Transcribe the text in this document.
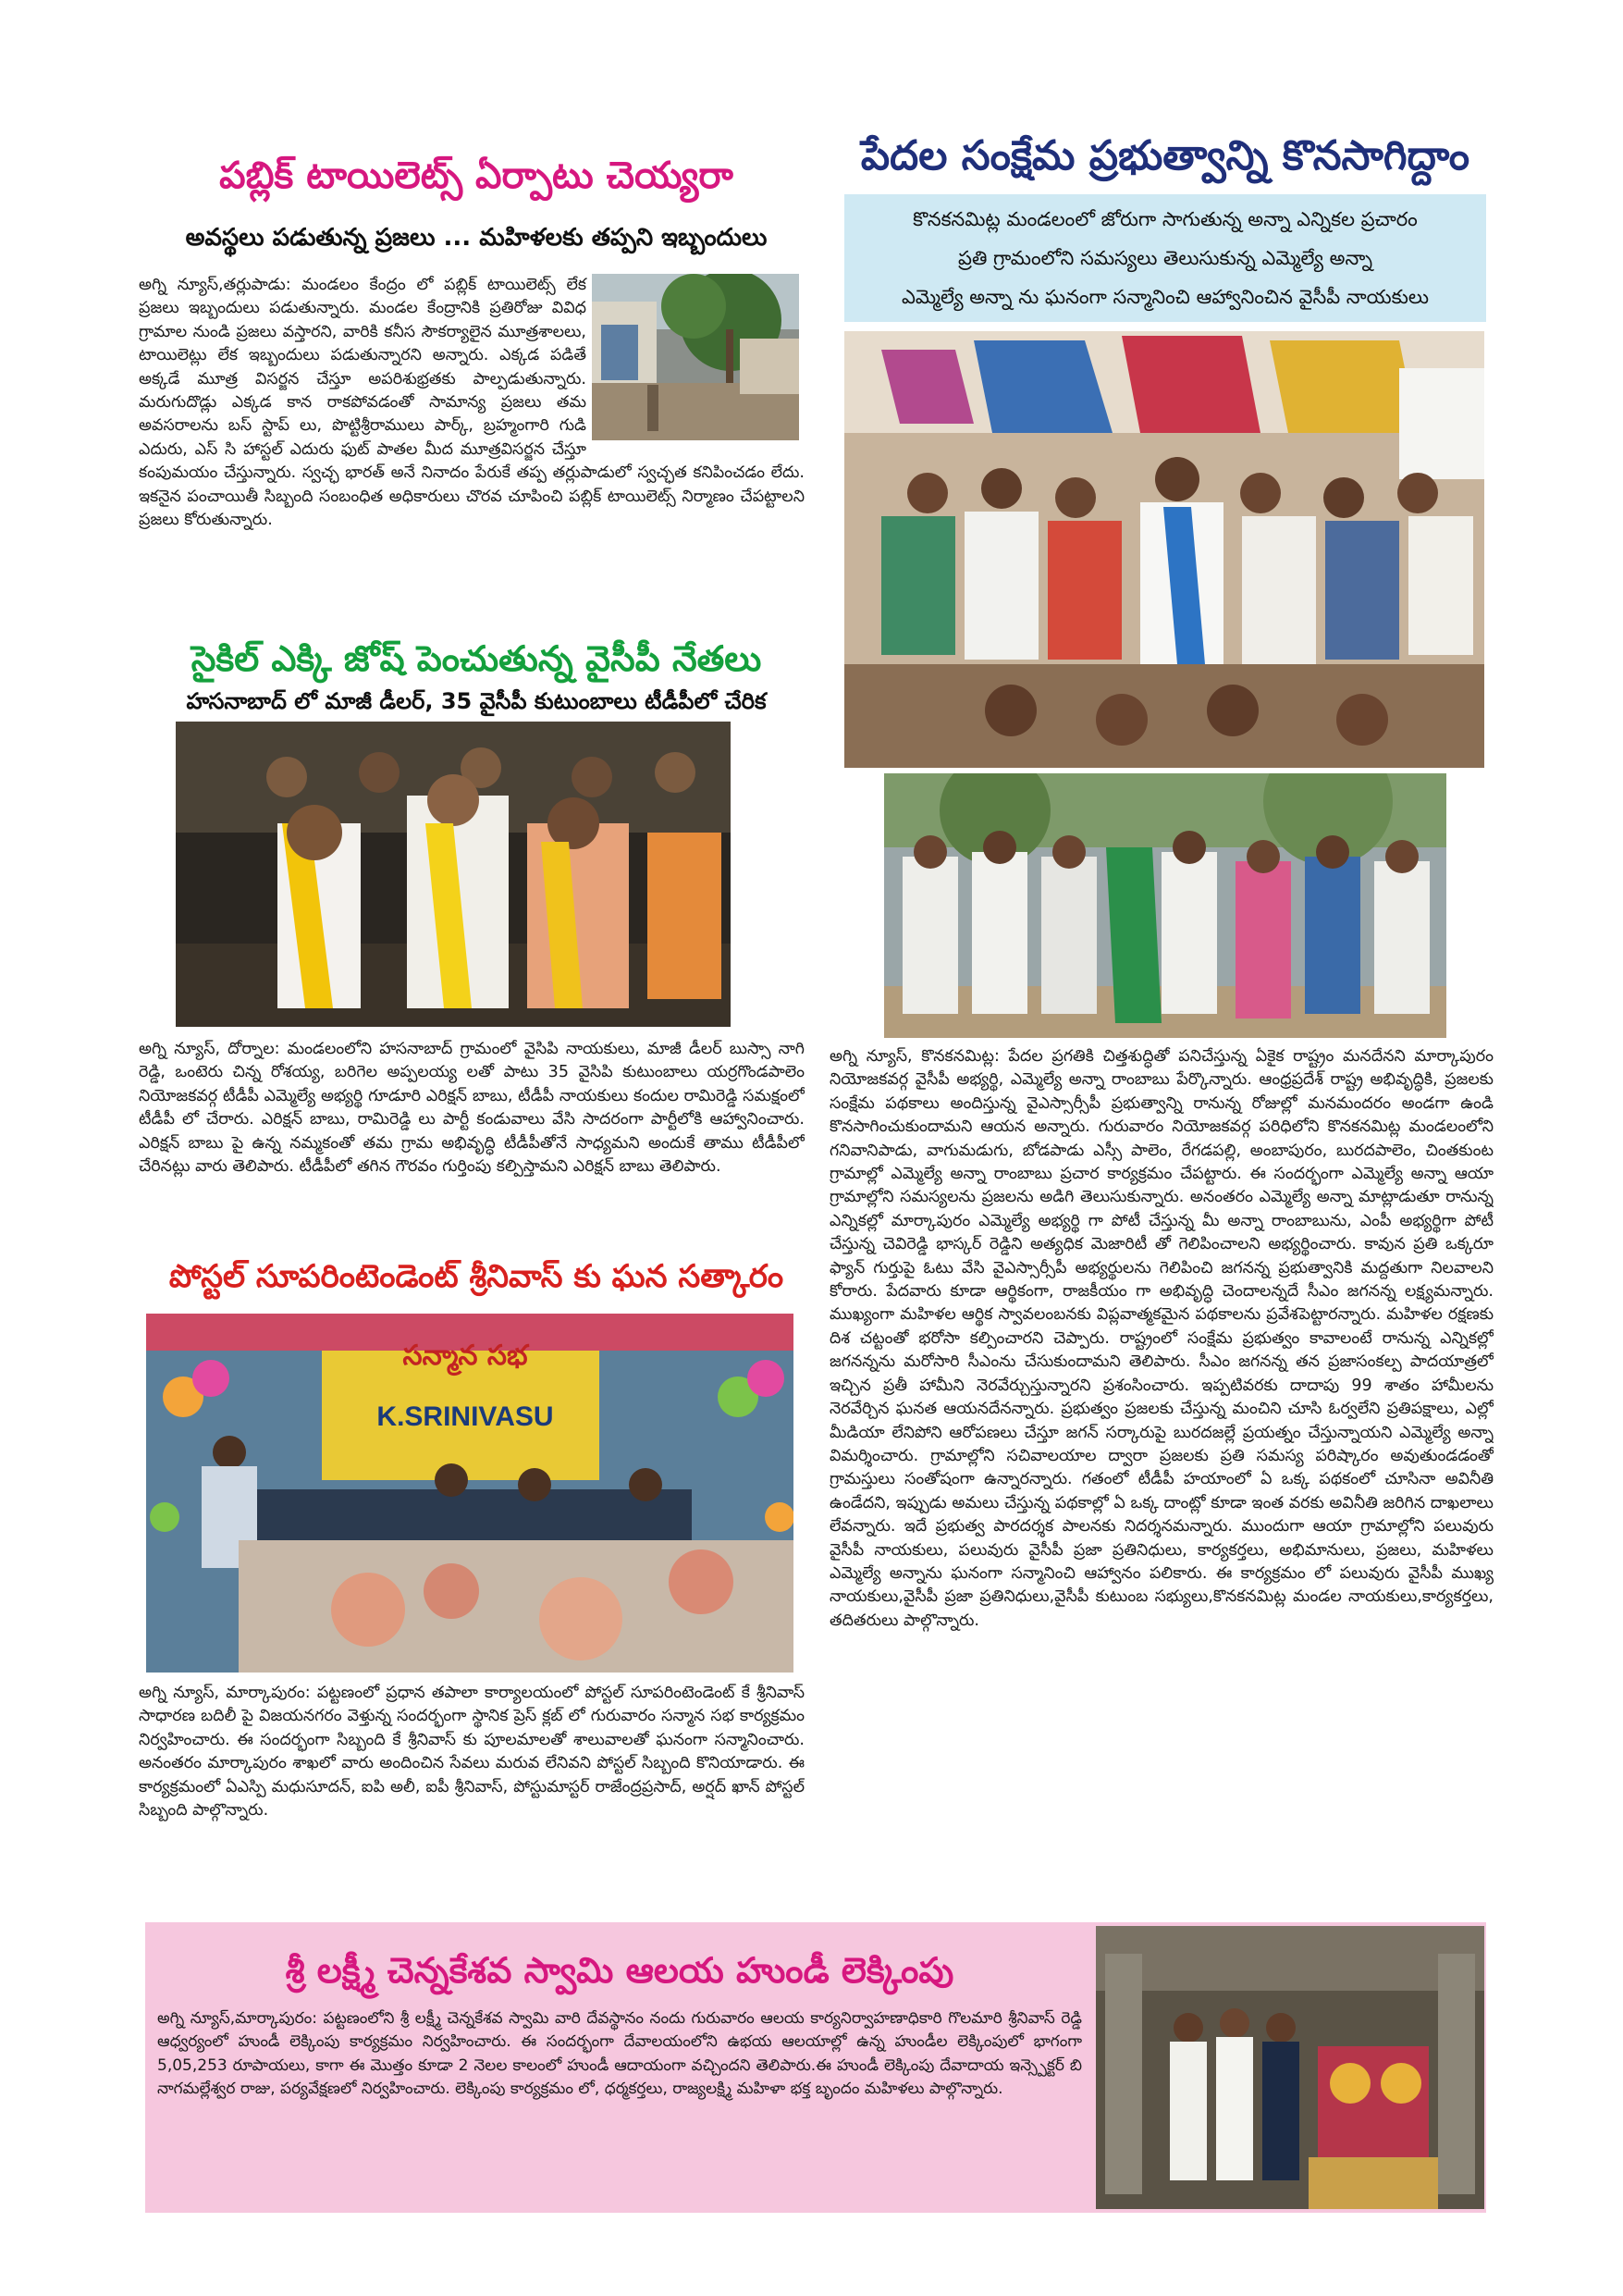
పబ్లిక్ టాయిలెట్స్ ఏర్పాటు చెయ్యరా
అవస్థలు పడుతున్న ప్రజలు ... మహిళలకు తప్పని ఇబ్బందులు
అగ్ని న్యూస్,తర్లుపాడు: మండలం కేంద్రం లో పబ్లిక్ టాయిలెట్స్ లేక ప్రజలు ఇబ్బందులు పడుతున్నారు. మండల కేంద్రానికి ప్రతిరోజు వివిధ గ్రామాల నుండి ప్రజలు వస్తారని, వారికి కనీస సౌకర్యాలైన మూత్రశాలలు, టాయిలెట్లు లేక ఇబ్బందులు పడుతున్నారని అన్నారు. ఎక్కడ పడితే అక్కడే మూత్ర విసర్జన చేస్తూ అపరిశుభ్రతకు పాల్పడుతున్నారు. మరుగుదొడ్లు ఎక్కడ కాన రాకపోవడంతో సామాన్య ప్రజలు తమ అవసరాలను బస్ స్టాప్ లు, పొట్టిశ్రీరాములు పార్క్, బ్రహ్మంగారి గుడి ఎదురు, ఎస్ సి హాస్టల్ ఎదురు ఫుట్ పాతల మీద మూత్రవిసర్జన చేస్తూ కంపుమయం చేస్తున్నారు. స్వచ్ఛ భారత్ అనే నినాదం పేరుకే తప్ప తర్లుపాడులో స్వచ్ఛత కనిపించడం లేదు. ఇకనైన పంచాయితీ సిబ్బంది సంబంధిత అధికారులు చొరవ చూపించి పబ్లిక్ టాయిలెట్స్ నిర్మాణం చేపట్టాలని ప్రజలు కోరుతున్నారు.
సైకిల్ ఎక్కి జోష్ పెంచుతున్న వైసీపీ నేతలు
హసనాబాద్ లో మాజీ డీలర్, 35 వైసీపీ కుటుంబాలు టీడీపీలో చేరిక
అగ్ని న్యూస్, దోర్నాల: మండలంలోని హసనాబాద్ గ్రామంలో వైసిపి నాయకులు, మాజీ డీలర్ బుస్సా నాగి రెడ్డి, ఒంటెరు చిన్న రోశయ్య, బరిగెల అప్పలయ్య లతో పాటు 35 వైసిపి కుటుంబాలు యర్రగొండపాలెం నియోజకవర్గ టీడీపీ ఎమ్మెల్యే అభ్యర్థి గూడూరి ఎరిక్షన్ బాబు, టీడీపీ నాయకులు కందుల రామిరెడ్డి సమక్షంలో టీడీపీ లో చేరారు. ఎరిక్షన్ బాబు, రామిరెడ్డి లు పార్టీ కండువాలు వేసి సాదరంగా పార్టీలోకి ఆహ్వానించారు. ఎరిక్షన్ బాబు పై ఉన్న నమ్మకంతో తమ గ్రామ అభివృద్ధి టీడీపీతోనే సాధ్యమని అందుకే తాము టీడీపీలో చేరినట్లు వారు తెలిపారు. టీడీపీలో తగిన గౌరవం గుర్తింపు కల్పిస్తామని ఎరిక్షన్ బాబు తెలిపారు.
పోస్టల్ సూపరింటెండెంట్ శ్రీనివాస్ కు ఘన సత్కారం
సన్మాన సభ
K.SRINIVASU
అగ్ని న్యూస్, మార్కాపురం: పట్టణంలో ప్రధాన తపాలా కార్యాలయంలో పోస్టల్ సూపరింటెండెంట్ కే శ్రీనివాస్ సాధారణ బదిలీ పై విజయనగరం వెళ్తున్న సందర్భంగా స్థానిక ప్రెస్ క్లబ్ లో గురువారం సన్మాన సభ కార్యక్రమం నిర్వహించారు. ఈ సందర్భంగా సిబ్బంది కే శ్రీనివాస్ కు పూలమాలతో శాలువాలతో ఘనంగా సన్మానించారు. అనంతరం మార్కాపురం శాఖలో వారు అందించిన సేవలు మరువ లేనివని పోస్టల్ సిబ్బంది కొనియాడారు. ఈ కార్యక్రమంలో ఏఎస్పి మధుసూదన్, ఐపి అలీ, ఐపీ శ్రీనివాస్, పోస్టుమాస్టర్ రాజేంద్రప్రసాద్, అర్షద్ ఖాన్ పోస్టల్ సిబ్బంది పాల్గొన్నారు.
పేదల సంక్షేమ ప్రభుత్వాన్ని కొనసాగిద్దాం
కొనకనమిట్ల మండలంలో జోరుగా సాగుతున్న అన్నా ఎన్నికల ప్రచారం
ప్రతి గ్రామంలోని సమస్యలు తెలుసుకున్న ఎమ్మెల్యే అన్నా
ఎమ్మెల్యే అన్నా ను ఘనంగా సన్మానించి ఆహ్వానించిన వైసీపీ నాయకులు
అగ్ని న్యూస్, కొనకనమిట్ల: పేదల ప్రగతికి చిత్తశుద్ధితో పనిచేస్తున్న ఏకైక రాష్ట్రం మనదేనని మార్కాపురం నియోజకవర్గ వైసీపీ అభ్యర్థి, ఎమ్మెల్యే అన్నా రాంబాబు పేర్కొన్నారు. ఆంధ్రప్రదేశ్ రాష్ట్ర అభివృద్ధికి, ప్రజలకు సంక్షేమ పథకాలు అందిస్తున్న వైఎస్సార్సీపీ ప్రభుత్వాన్ని రానున్న రోజుల్లో మనమందరం అండగా ఉండి కొనసాగించుకుందామని ఆయన అన్నారు. గురువారం నియోజకవర్గ పరిధిలోని కొనకనమిట్ల మండలంలోని గనివానిపాడు, వాగుమడుగు, బోడపాడు ఎస్సీ పాలెం, రేగడపల్లి, అంబాపురం, బురదపాలెం, చింతకుంట గ్రామాల్లో ఎమ్మెల్యే అన్నా రాంబాబు ప్రచార కార్యక్రమం చేపట్టారు. ఈ సందర్భంగా ఎమ్మెల్యే అన్నా ఆయా గ్రామాల్లోని సమస్యలను ప్రజలను అడిగి తెలుసుకున్నారు. అనంతరం ఎమ్మెల్యే అన్నా మాట్లాడుతూ రానున్న ఎన్నికల్లో మార్కాపురం ఎమ్మెల్యే అభ్యర్థి గా పోటీ చేస్తున్న మీ అన్నా రాంబాబును, ఎంపీ అభ్యర్థిగా పోటీ చేస్తున్న చెవిరెడ్డి భాస్కర్ రెడ్డిని అత్యధిక మెజారిటీ తో గెలిపించాలని అభ్యర్థించారు. కావున ప్రతి ఒక్కరూ ఫ్యాన్ గుర్తుపై ఓటు వేసి వైఎస్సార్సీపీ అభ్యర్థులను గెలిపించి జగనన్న ప్రభుత్వానికి మద్దతుగా నిలవాలని కోరారు. పేదవారు కూడా ఆర్థికంగా, రాజకీయం గా అభివృద్ధి చెందాలన్నదే సీఎం జగనన్న లక్ష్యమన్నారు. ముఖ్యంగా మహిళల ఆర్థిక స్వావలంబనకు విప్లవాత్మకమైన పథకాలను ప్రవేశపెట్టారన్నారు. మహిళల రక్షణకు దిశ చట్టంతో భరోసా కల్పించారని చెప్పారు. రాష్ట్రంలో సంక్షేమ ప్రభుత్వం కావాలంటే రానున్న ఎన్నికల్లో జగనన్నను మరోసారి సీఎంను చేసుకుందామని తెలిపారు. సీఎం జగనన్న తన ప్రజాసంకల్ప పాదయాత్రలో ఇచ్చిన ప్రతీ హామీని నెరవేర్చుస్తున్నారని ప్రశంసించారు. ఇప్పటివరకు దాదాపు 99 శాతం హామీలను నెరవేర్చిన ఘనత ఆయనదేనన్నారు. ప్రభుత్వం ప్రజలకు చేస్తున్న మంచిని చూసి ఓర్వలేని ప్రతిపక్షాలు, ఎల్లో మీడియా లేనిపోని ఆరోపణలు చేస్తూ జగన్ సర్కారుపై బురదజల్లే ప్రయత్నం చేస్తున్నాయని ఎమ్మెల్యే అన్నా విమర్శించారు. గ్రామాల్లోని సచివాలయాల ద్వారా ప్రజలకు ప్రతి సమస్య పరిష్కారం అవుతుండడంతో గ్రామస్తులు సంతోషంగా ఉన్నారన్నారు. గతంలో టీడీపీ హయాంలో ఏ ఒక్క పథకంలో చూసినా అవినీతి ఉండేదని, ఇప్పుడు అమలు చేస్తున్న పథకాల్లో ఏ ఒక్క దాంట్లో కూడా ఇంత వరకు అవినీతి జరిగిన దాఖలాలు లేవన్నారు. ఇదే ప్రభుత్వ పారదర్శక పాలనకు నిదర్శనమన్నారు. ముందుగా ఆయా గ్రామాల్లోని పలువురు వైసీపీ నాయకులు, పలువురు వైసీపీ ప్రజా ప్రతినిధులు, కార్యకర్తలు, అభిమానులు, ప్రజలు, మహిళలు ఎమ్మెల్యే అన్నాను ఘనంగా సన్మానించి ఆహ్వానం పలికారు. ఈ కార్యక్రమం లో పలువురు వైసీపీ ముఖ్య నాయకులు,వైసీపీ ప్రజా ప్రతినిధులు,వైసీపీ కుటుంబ సభ్యులు,కొనకనమిట్ల మండల నాయకులు,కార్యకర్తలు, తదితరులు పాల్గొన్నారు.
శ్రీ లక్ష్మీ చెన్నకేశవ స్వామి ఆలయ హుండీ లెక్కింపు
అగ్ని న్యూస్,మార్కాపురం: పట్టణంలోని శ్రీ లక్ష్మీ చెన్నకేశవ స్వామి వారి దేవస్థానం నందు గురువారం ఆలయ కార్యనిర్వాహణాధికారి గొలమారి శ్రీనివాస్ రెడ్డి ఆధ్వర్యంలో హుండీ లెక్కింపు కార్యక్రమం నిర్వహించారు. ఈ సందర్భంగా దేవాలయంలోని ఉభయ ఆలయాల్లో ఉన్న హుండీల లెక్కింపులో భాగంగా 5,05,253 రూపాయలు, కాగా ఈ మొత్తం కూడా 2 నెలల కాలంలో హుండీ ఆదాయంగా వచ్చిందని తెలిపారు.ఈ హుండీ లెక్కింపు దేవాదాయ ఇన్స్పెక్టర్ బి నాగమల్లేశ్వర రాజు, పర్యవేక్షణలో నిర్వహించారు. లెక్కింపు కార్యక్రమం లో, ధర్మకర్తలు, రాజ్యలక్ష్మి మహిళా భక్త బృందం మహిళలు పాల్గొన్నారు.
